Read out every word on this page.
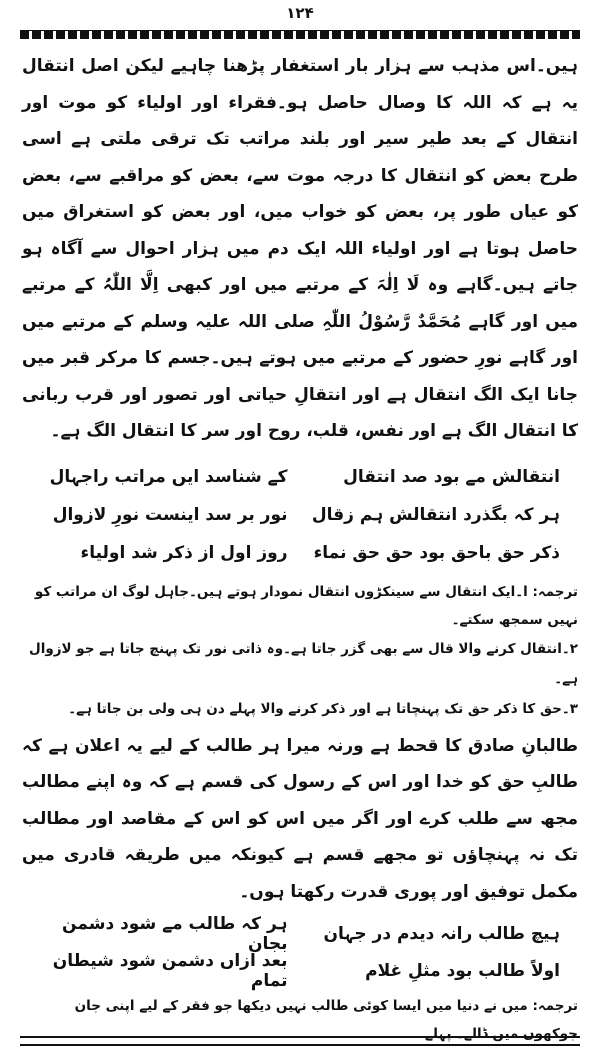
۱۲۴

ہیں۔اس مذہب سے ہزار بار استغفار پڑھنا چاہیے لیکن اصل انتقال یہ ہے کہ اللہ کا وصال حاصل ہو۔فقراء اور اولیاء کو موت اور انتقال کے بعد طیر سیر اور بلند مراتب تک ترقی ملتی ہے اسی طرح بعض کو انتقال کا درجہ موت سے، بعض کو مراقبے سے، بعض کو عیاں طور پر، بعض کو خواب میں، اور بعض کو استغراق میں حاصل ہوتا ہے اور اولیاء اللہ ایک دم میں ہزار احوال سے آگاہ ہو جاتے ہیں۔گاہے وہ لَا اِلٰہَ کے مرتبے میں اور کبھی اِلَّا اللّٰہُ کے مرتبے میں اور گاہے مُحَمَّدٌ رَّسُوْلُ اللّٰہِ صلی اللہ علیہ وسلم کے مرتبے میں اور گاہے نورِ حضور کے مرتبے میں ہوتے ہیں۔جسم کا مرکر قبر میں جانا ایک الگ انتقال ہے اور انتقالِ حیاتی اور تصور اور قرب ربانی کا انتقال الگ ہے اور نفس، قلب، روح اور سر کا انتقال الگ ہے۔

انتقالش مے بود صد انتقال
کے شناسد ایں مراتب راجہال
ہر کہ بگذرد انتقالش ہم زقال
نور بر سد اینست نورِ لازوال
ذکر حق باحق بود حق حق نماء
روز اول از ذکر شد اولیاء

ترجمہ: ا۔ایک انتقال سے سینکڑوں انتقال نمودار ہوتے ہیں۔جاہل لوگ ان مراتب کو نہیں سمجھ سکتے۔

۲۔انتقال کرنے والا قال سے بھی گزر جاتا ہے۔وہ ذاتی نور تک پہنچ جاتا ہے جو لازوال ہے۔

۳۔حق کا ذکر حق تک پہنچاتا ہے اور ذکر کرنے والا پہلے دن ہی ولی بن جاتا ہے۔

طالبانِ صادق کا قحط ہے ورنہ میرا ہر طالب کے لیے یہ اعلان ہے کہ طالبِ حق کو خدا اور اس کے رسول کی قسم ہے کہ وہ اپنے مطالب مجھ سے طلب کرے اور اگر میں اس کو اس کے مقاصد اور مطالب تک نہ پہنچاؤں تو مجھے قسم ہے کیونکہ میں طریقہ قادری میں مکمل توفیق اور پوری قدرت رکھتا ہوں۔

ہیچ طالب رانہ دیدم در جہان
ہر کہ طالب مے شود دشمن بجان
اولاً طالب بود مثلِ غلام
بعد ازاں دشمن شود شیطان تمام

ترجمہ: میں نے دنیا میں ایسا کوئی طالب نہیں دیکھا جو فقر کے لیے اپنی جان جوکھوں میں ڈالے۔ پہلے
